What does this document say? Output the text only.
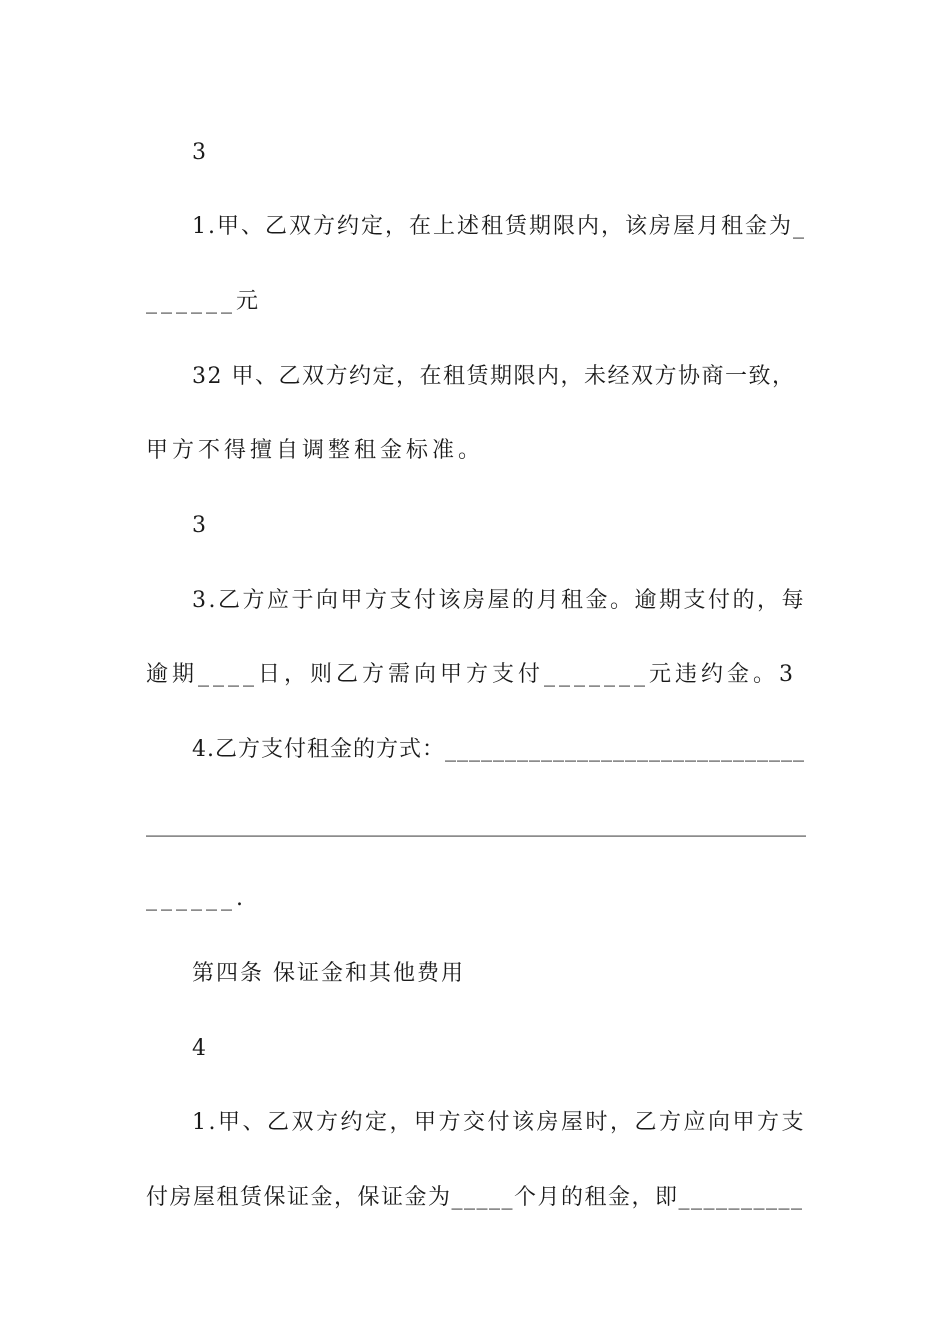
3
1.甲、乙双方约定，在上述租赁期限内，该房屋月租金为_
______元
32 甲、乙双方约定，在租赁期限内，未经双方协商一致，
甲方不得擅自调整租金标准。
3
3.乙方应于向甲方支付该房屋的月租金。逾期支付的，每
逾期____日，则乙方需向甲方支付_______元违约金。3
4.乙方支付租金的方式：______________________________
____________________________________________________________
______.
第四条 保证金和其他费用
4
1.甲、乙双方约定，甲方交付该房屋时，乙方应向甲方支
付房屋租赁保证金，保证金为_____个月的租金，即__________
